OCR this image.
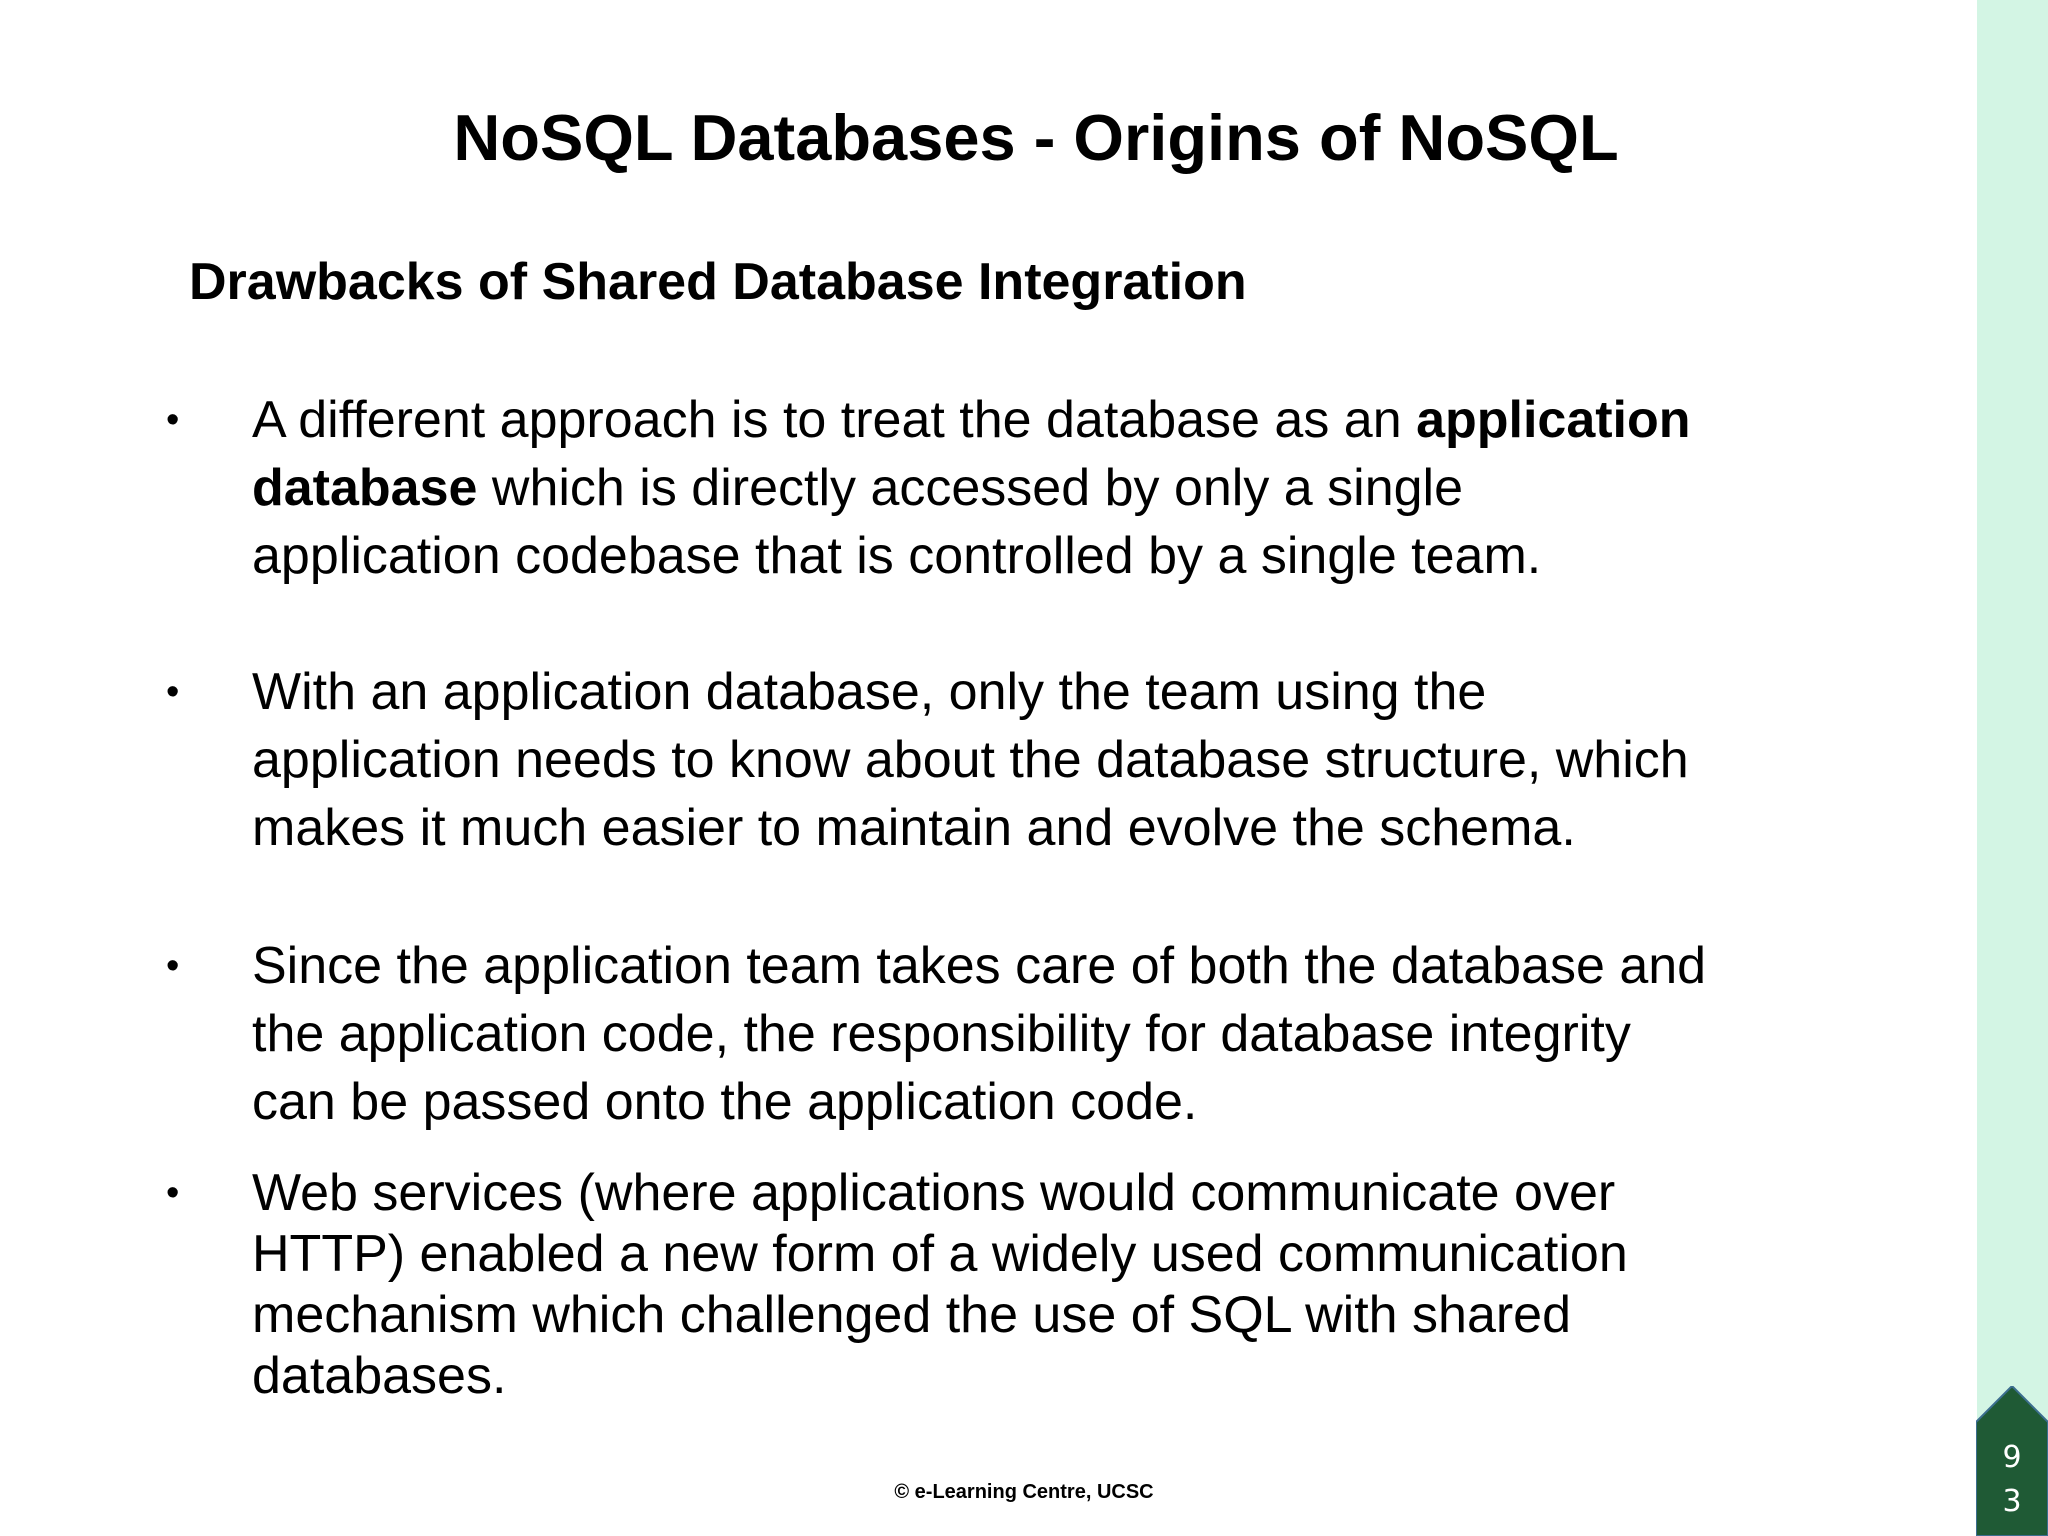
NoSQL Databases - Origins of NoSQL
Drawbacks of Shared Database Integration
• A different approach is to treat the database as an application
database which is directly accessed by only a single
application codebase that is controlled by a single team.
• With an application database, only the team using the
application needs to know about the database structure, which
makes it much easier to maintain and evolve the schema.
• Since the application team takes care of both the database and
the application code, the responsibility for database integrity
can be passed onto the application code.
• Web services (where applications would communicate over
HTTP) enabled a new form of a widely used communication
mechanism which challenged the use of SQL with shared
databases.
© e-Learning Centre, UCSC
9
3
